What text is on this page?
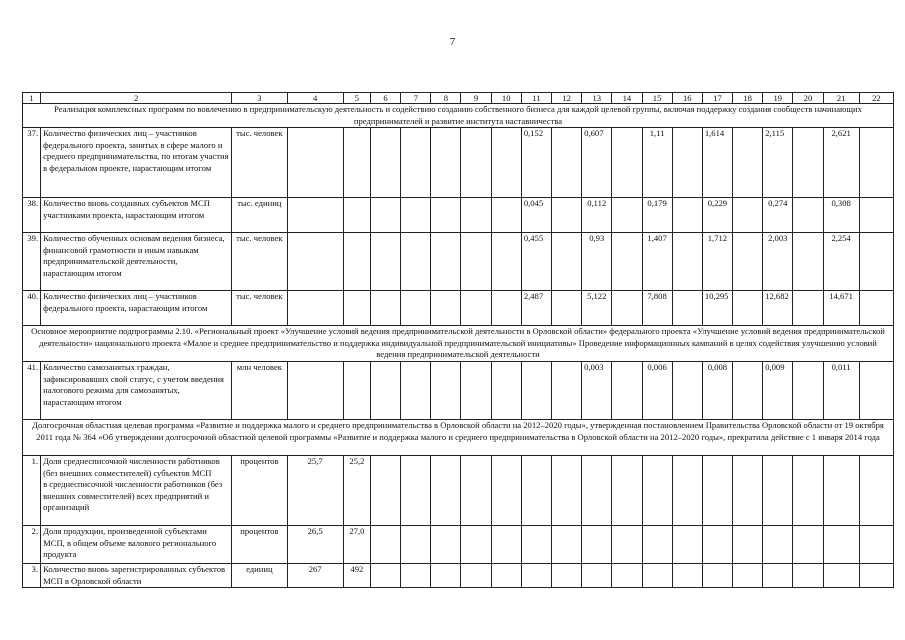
7
1	2	3	4	5	6	7	8	9	10	11	12	13	14	15	16	17	18	19	20	21	22
Реализация комплексных программ по вовлечению в предпринимательскую деятельность и содействию созданию собственного бизнеса для каждой целевой группы, включая поддержку создания сообществ начинающих предпринимателей и развитие института наставничества																					
37.	Количество физических лиц – участников федерального проекта, занятых в сфере малого и среднего предпринимательства, по итогам участия в федеральном проекте, нарастающим итогом	тыс. человек								0,152		0,607		1,11		1,614		2,115		2,621	
38.	Количество вновь созданных субъектов МСП участниками проекта, нарастающим итогом	тыс. единиц								0,045		0,112		0,179		0,229		0,274		0,308	
39.	Количество обученных основам ведения бизнеса, финансовой грамотности и иным навыкам предпринимательской деятельности, нарастающим итогом	тыс. человек								0,455		0,93		1,407		1,712		2,003		2,254	
40.	Количество физических лиц – участников федерального проекта, нарастающим итогом	тыс. человек								2,487		5,122		7,808		10,295		12,682		14,671	
Основное мероприятие подпрограммы 2.10. «Региональный проект «Улучшение условий ведения предпринимательской деятельности в Орловской области» федерального проекта «Улучшение условий ведения предпринимательской деятельности» национального проекта «Малое и среднее предпринимательство и поддержка индивидуальной предпринимательской инициативы» Проведение информационных кампаний в целях содействия улучшению условий ведения предпринимательской деятельности																					
41.	Количество самозанятых граждан, зафиксировавших свой статус, с учетом введения налогового режима для самозанятых, нарастающим итогом	млн человек										0,003		0,006		0,008		0,009		0,011	
Долгосрочная областная целевая программа «Развитие и поддержка малого и среднего предпринимательства в Орловской области на 2012–2020 годы», утвержденная постановлением Правительства Орловской области от 19 октября 2011 года № 364 «Об утверждении долгосрочной областной целевой программы «Развитие и поддержка малого и среднего предпринимательства в Орловской области на 2012–2020 годы», прекратила действие с 1 января 2014 года																					
1.	Доля среднесписочной численности работников (без внешних совместителей) субъектов МСП
в среднесписочной численности работников (без внешних совместителей) всех предприятий и организаций	процентов	25,7	25,2																	
2.	Доля продукции, произведенной субъектами МСП, в общем объеме валового регионального продукта	процентов	26,5	27,0																	
3.	Количество вновь зарегистрированных субъектов МСП в Орловской области	единиц	267	492																	
